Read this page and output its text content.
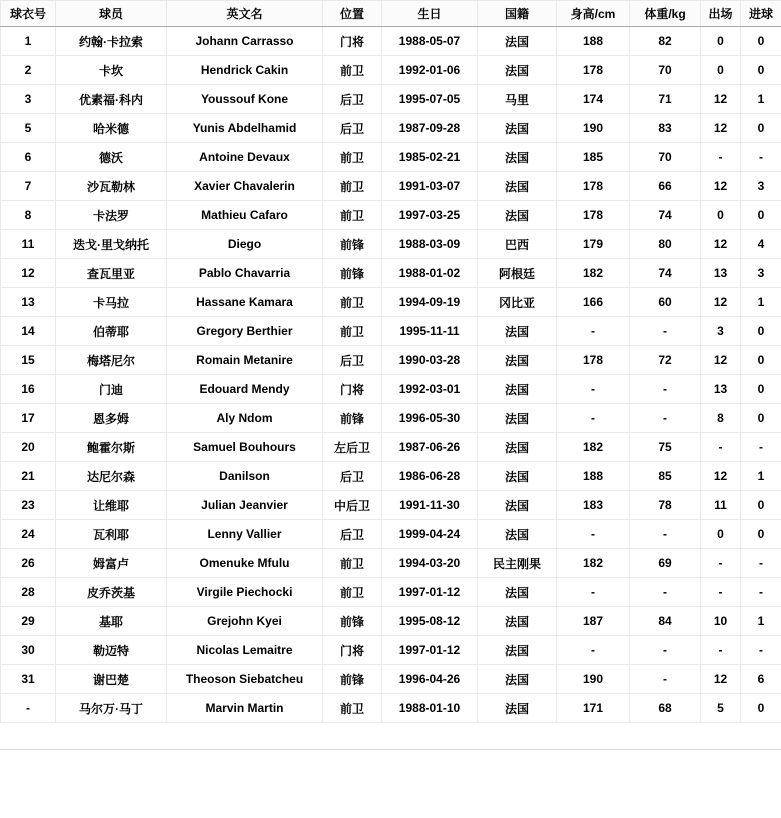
球衣号	球员	英文名	位置	生日	国籍	身高/cm	体重/kg	出场	进球
1	约翰·卡拉索	Johann Carrasso	门将	1988-05-07	法国	188	82	0	0
2	卡坎	Hendrick Cakin	前卫	1992-01-06	法国	178	70	0	0
3	优素福·科内	Youssouf Kone	后卫	1995-07-05	马里	174	71	12	1
5	哈米德	Yunis Abdelhamid	后卫	1987-09-28	法国	190	83	12	0
6	德沃	Antoine Devaux	前卫	1985-02-21	法国	185	70	-	-
7	沙瓦勒林	Xavier Chavalerin	前卫	1991-03-07	法国	178	66	12	3
8	卡法罗	Mathieu Cafaro	前卫	1997-03-25	法国	178	74	0	0
11	迭戈·里戈纳托	Diego	前锋	1988-03-09	巴西	179	80	12	4
12	查瓦里亚	Pablo Chavarria	前锋	1988-01-02	阿根廷	182	74	13	3
13	卡马拉	Hassane Kamara	前卫	1994-09-19	冈比亚	166	60	12	1
14	伯蒂耶	Gregory Berthier	前卫	1995-11-11	法国	-	-	3	0
15	梅塔尼尔	Romain Metanire	后卫	1990-03-28	法国	178	72	12	0
16	门迪	Edouard Mendy	门将	1992-03-01	法国	-	-	13	0
17	恩多姆	Aly Ndom	前锋	1996-05-30	法国	-	-	8	0
20	鲍霍尔斯	Samuel Bouhours	左后卫	1987-06-26	法国	182	75	-	-
21	达尼尔森	Danilson	后卫	1986-06-28	法国	188	85	12	1
23	让维耶	Julian Jeanvier	中后卫	1991-11-30	法国	183	78	11	0
24	瓦利耶	Lenny Vallier	后卫	1999-04-24	法国	-	-	0	0
26	姆富卢	Omenuke Mfulu	前卫	1994-03-20	民主刚果	182	69	-	-
28	皮乔茨基	Virgile Piechocki	前卫	1997-01-12	法国	-	-	-	-
29	基耶	Grejohn Kyei	前锋	1995-08-12	法国	187	84	10	1
30	勒迈特	Nicolas Lemaitre	门将	1997-01-12	法国	-	-	-	-
31	谢巴楚	Theoson Siebatcheu	前锋	1996-04-26	法国	190	-	12	6
-	马尔万·马丁	Marvin Martin	前卫	1988-01-10	法国	171	68	5	0
